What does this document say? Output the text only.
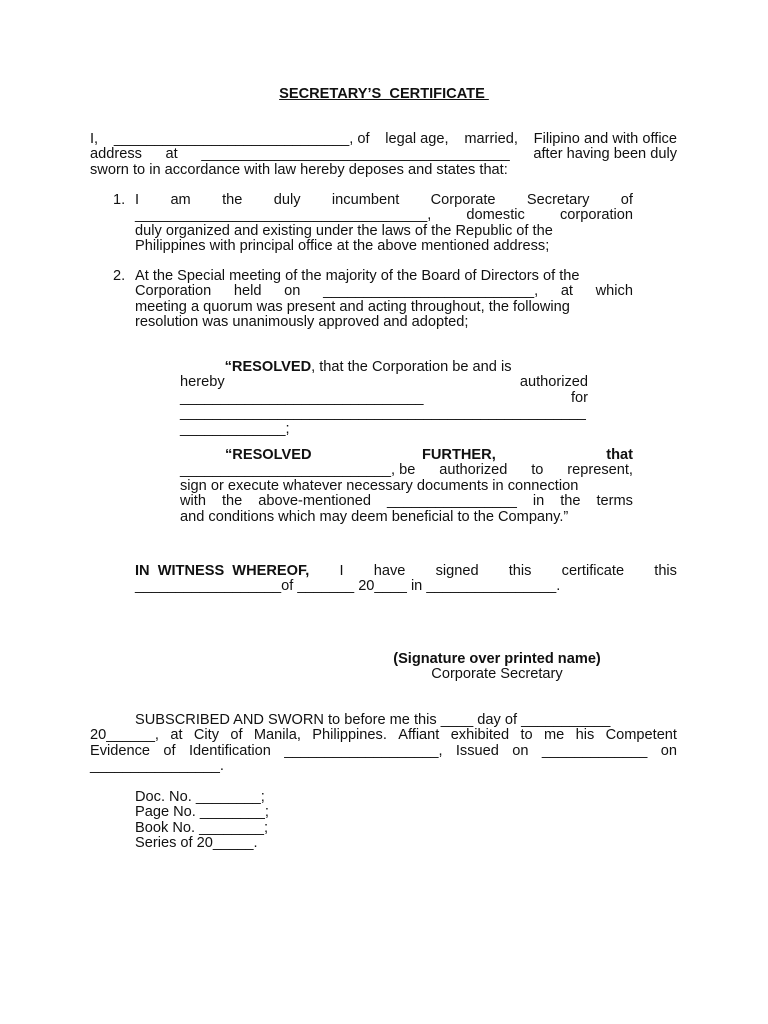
SECRETARY’S  CERTIFICATE
I, _____________________________, of legal age, married, Filipino and with office
address at ______________________________________ after having been duly
sworn to in accordance with law hereby deposes and states that:
1. I am the duly incumbent Corporate Secretary of
____________________________________, domestic corporation
duly organized and existing under the laws of the Republic of the
Philippines with principal office at the above mentioned address;
2. At the Special meeting of the majority of the Board of Directors of the
Corporation held on __________________________, at which
meeting a quorum was present and acting throughout, the following
resolution was unanimously approved and adopted;
“RESOLVED, that the Corporation be and is
hereby	authorized
______________________________	for
__________________________________________________
_____________;
“RESOLVED	FURTHER,	that
__________________________, be authorized to represent,
sign or execute whatever necessary documents in connection
with the above-mentioned ________________ in the terms
and conditions which may deem beneficial to the Company.”
IN  WITNESS  WHEREOF, I have signed this certificate this
__________________of _______ 20____ in ________________.
(Signature over printed name)
Corporate Secretary
SUBSCRIBED AND SWORN to before me this ____ day of ___________
20______, at City of Manila, Philippines. Affiant exhibited to me his Competent
Evidence of Identification ___________________, Issued on _____________ on
________________.
Doc. No. ________;
Page No. ________;
Book No. ________;
Series of 20_____.
